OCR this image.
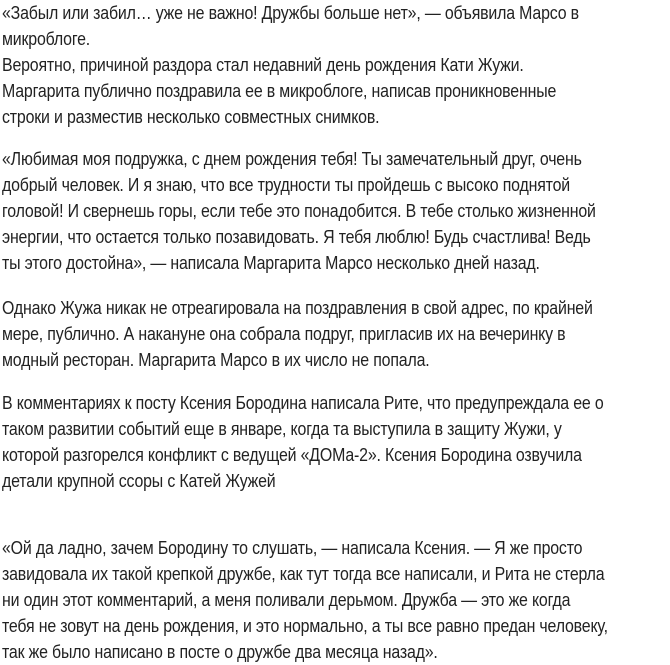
«Забыл или забил… уже не важно! Дружбы больше нет», — объявила Марсо в
микроблоге.

Вероятно, причиной раздора стал недавний день рождения Кати Жужи.
Маргарита публично поздравила ее в микроблоге, написав проникновенные
строки и разместив несколько совместных снимков.

«Любимая моя подружка, с днем рождения тебя! Ты замечательный друг, очень
добрый человек. И я знаю, что все трудности ты пройдешь с высоко поднятой
головой! И свернешь горы, если тебе это понадобится. В тебе столько жизненной
энергии, что остается только позавидовать. Я тебя люблю! Будь счастлива! Ведь
ты этого достойна», — написала Маргарита Марсо несколько дней назад.

Однако Жужа никак не отреагировала на поздравления в свой адрес, по крайней
мере, публично. А накануне она собрала подруг, пригласив их на вечеринку в
модный ресторан. Маргарита Марсо в их число не попала.

В комментариях к посту Ксения Бородина написала Рите, что предупреждала ее о
таком развитии событий еще в январе, когда та выступила в защиту Жужи, у
которой разгорелся конфликт с ведущей «ДОМа-2». Ксения Бородина озвучила
детали крупной ссоры с Катей Жужей

«Ой да ладно, зачем Бородину то слушать, — написала Ксения. — Я же просто
завидовала их такой крепкой дружбе, как тут тогда все написали, и Рита не стерла
ни один этот комментарий, а меня поливали дерьмом. Дружба — это же когда
тебя не зовут на день рождения, и это нормально, а ты все равно предан человеку,
так же было написано в посте о дружбе два месяца назад».
